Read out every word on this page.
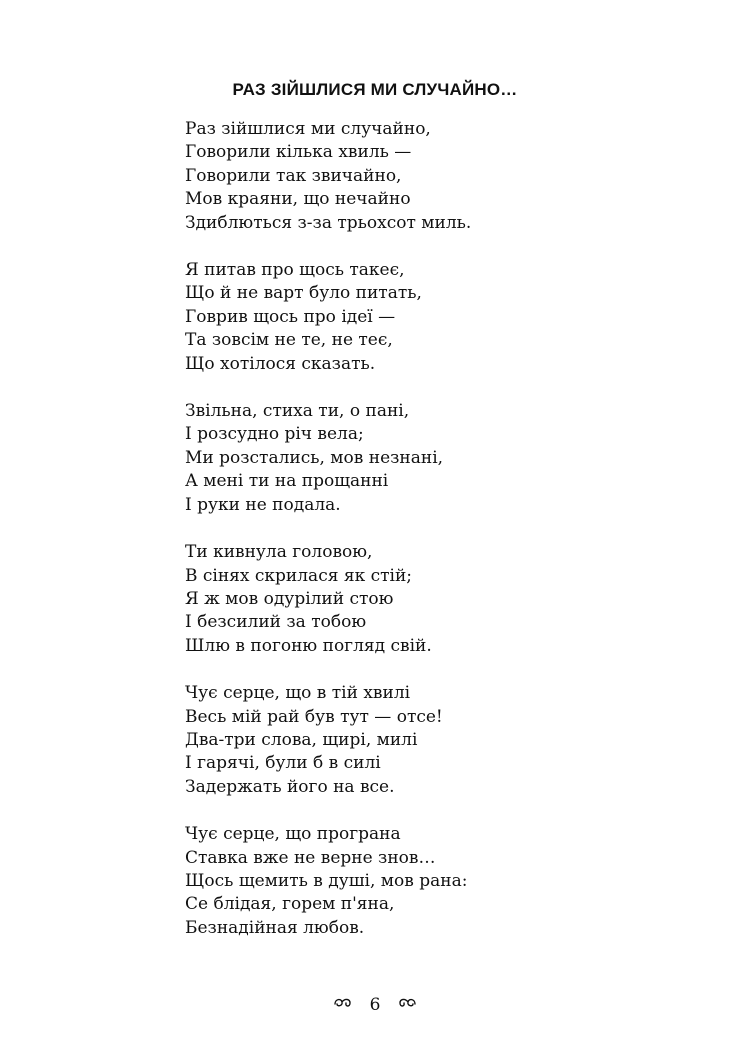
РАЗ ЗІЙШЛИСЯ МИ СЛУЧАЙНО…
Раз зійшлися ми случайно,
Говорили кілька хвиль —
Говорили так звичайно,
Мов краяни, що нечайно
Здиблються з-за трьохсот миль.
Я питав про щось такеє,
Що й не варт було питать,
Говрив щось про ідеї —
Та зовсім не те, не теє,
Що хотілося сказать.
Звільна, стиха ти, о пані,
І розсудно річ вела;
Ми розстались, мов незнані,
А мені ти на прощанні
І руки не подала.
Ти кивнула головою,
В сінях скрилася як стій;
Я ж мов одурілий стою
І безсилий за тобою
Шлю в погоню погляд свій.
Чує серце, що в тій хвилі
Весь мій рай був тут — отсе!
Два-три слова, щирі, милі
І гарячі, були б в силі
Задержать його на все.
Чує серце, що програна
Ставка вже не верне знов…
Щось щемить в душі, мов рана:
Се блідая, горем п'яна,
Безнадійная любов.
6
